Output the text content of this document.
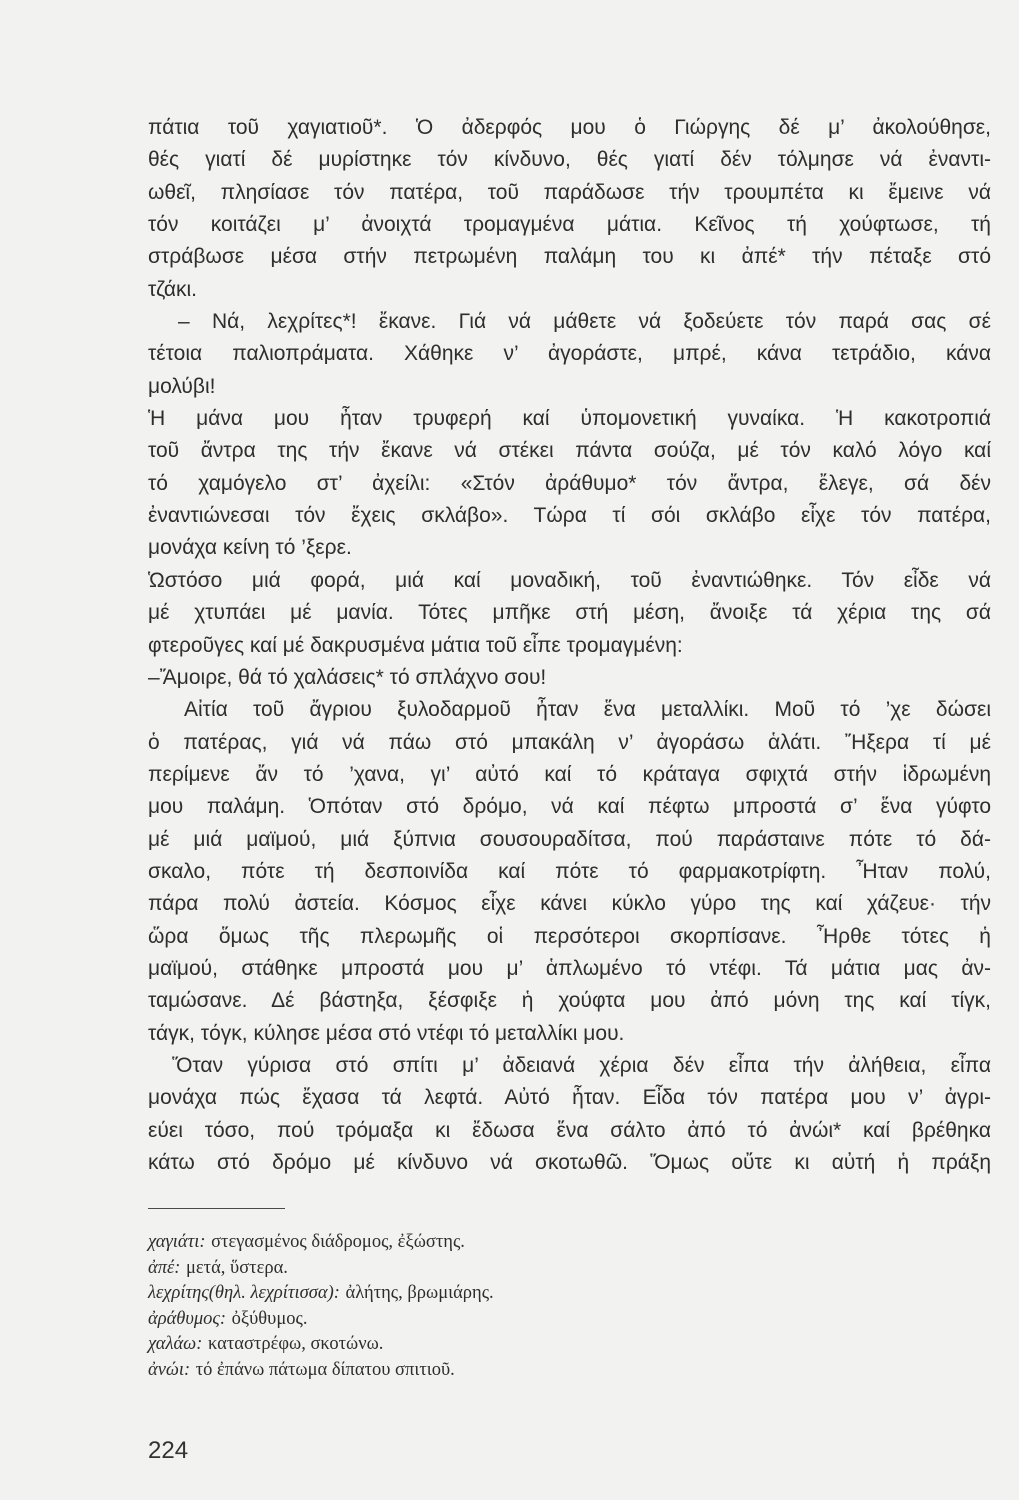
πάτια τοῦ χαγιατιοῦ*. Ὁ ἀδερφός μου ὁ Γιώργης δέ μ’ ἀκολούθησε,
θές γιατί δέ μυρίστηκε τόν κίνδυνο, θές γιατί δέν τόλμησε νά ἐναντι-
ωθεῖ, πλησίασε τόν πατέρα, τοῦ παράδωσε τήν τρουμπέτα κι ἔμεινε νά
τόν κοιτάζει μ’ ἀνοιχτά τρομαγμένα μάτια. Κεῖνος τή χούφτωσε, τή
στράβωσε μέσα στήν πετρωμένη παλάμη του κι ἀπέ* τήν πέταξε στό
τζάκι.
– Νά, λεχρίτες*! ἔκανε. Γιά νά μάθετε νά ξοδεύετε τόν παρά σας σέ
τέτοια παλιοπράματα. Χάθηκε ν’ ἀγοράστε, μπρέ, κάνα τετράδιο, κάνα
μολύβι!
Ἡ μάνα μου ἦταν τρυφερή καί ὑπομονετική γυναίκα. Ἡ κακοτροπιά
τοῦ ἄντρα της τήν ἔκανε νά στέκει πάντα σούζα, μέ τόν καλό λόγο καί
τό χαμόγελο στ’ ἀχείλι: «Στόν ἀράθυμο* τόν ἄντρα, ἔλεγε, σά δέν
ἐναντιώνεσαι τόν ἔχεις σκλάβο». Τώρα τί σόι σκλάβο εἶχε τόν πατέρα,
μονάχα κείνη τό ’ξερε.
Ὡστόσο μιά φορά, μιά καί μοναδική, τοῦ ἐναντιώθηκε. Τόν εἶδε νά
μέ χτυπάει μέ μανία. Τότες μπῆκε στή μέση, ἄνοιξε τά χέρια της σά
φτεροῦγες καί μέ δακρυσμένα μάτια τοῦ εἶπε τρομαγμένη:
–Ἄμοιρε, θά τό χαλάσεις* τό σπλάχνο σου!
Αἰτία τοῦ ἄγριου ξυλοδαρμοῦ ἦταν ἕνα μεταλλίκι. Μοῦ τό ’χε δώσει
ὁ πατέρας, γιά νά πάω στό μπακάλη ν’ ἀγοράσω ἁλάτι. Ἤξερα τί μέ
περίμενε ἄν τό ’χανα, γι’ αὐτό καί τό κράταγα σφιχτά στήν ἱδρωμένη
μου παλάμη. Ὁπόταν στό δρόμο, νά καί πέφτω μπροστά σ’ ἕνα γύφτο
μέ μιά μαϊμού, μιά ξύπνια σουσουραδίτσα, πού παράσταινε πότε τό δά-
σκαλο, πότε τή δεσποινίδα καί πότε τό φαρμακοτρίφτη. Ἦταν πολύ,
πάρα πολύ ἀστεία. Κόσμος εἶχε κάνει κύκλο γύρο της καί χάζευε· τήν
ὥρα ὅμως τῆς πλερωμῆς οἱ περσότεροι σκορπίσανε. Ἦρθε τότες ἡ
μαϊμού, στάθηκε μπροστά μου μ’ ἁπλωμένο τό ντέφι. Τά μάτια μας ἀν-
ταμώσανε. Δέ βάστηξα, ξέσφιξε ἡ χούφτα μου ἀπό μόνη της καί τίγκ,
τάγκ, τόγκ, κύλησε μέσα στό ντέφι τό μεταλλίκι μου.
Ὅταν γύρισα στό σπίτι μ’ ἀδειανά χέρια δέν εἶπα τήν ἀλήθεια, εἶπα
μονάχα πώς ἔχασα τά λεφτά. Αὐτό ἦταν. Εἶδα τόν πατέρα μου ν’ ἀγρι-
εύει τόσο, πού τρόμαξα κι ἔδωσα ἕνα σάλτο ἀπό τό ἀνώι* καί βρέθηκα
κάτω στό δρόμο μέ κίνδυνο νά σκοτωθῶ. Ὅμως οὔτε κι αὐτή ἡ πράξη
χαγιάτι: στεγασμένος διάδρομος, ἐξώστης.
ἀπέ: μετά, ὕστερα.
λεχρίτης(θηλ. λεχρίτισσα): ἀλήτης, βρωμιάρης.
ἀράθυμος: ὀξύθυμος.
χαλάω: καταστρέφω, σκοτώνω.
ἀνώι: τό ἐπάνω πάτωμα δίπατου σπιτιοῦ.
224
